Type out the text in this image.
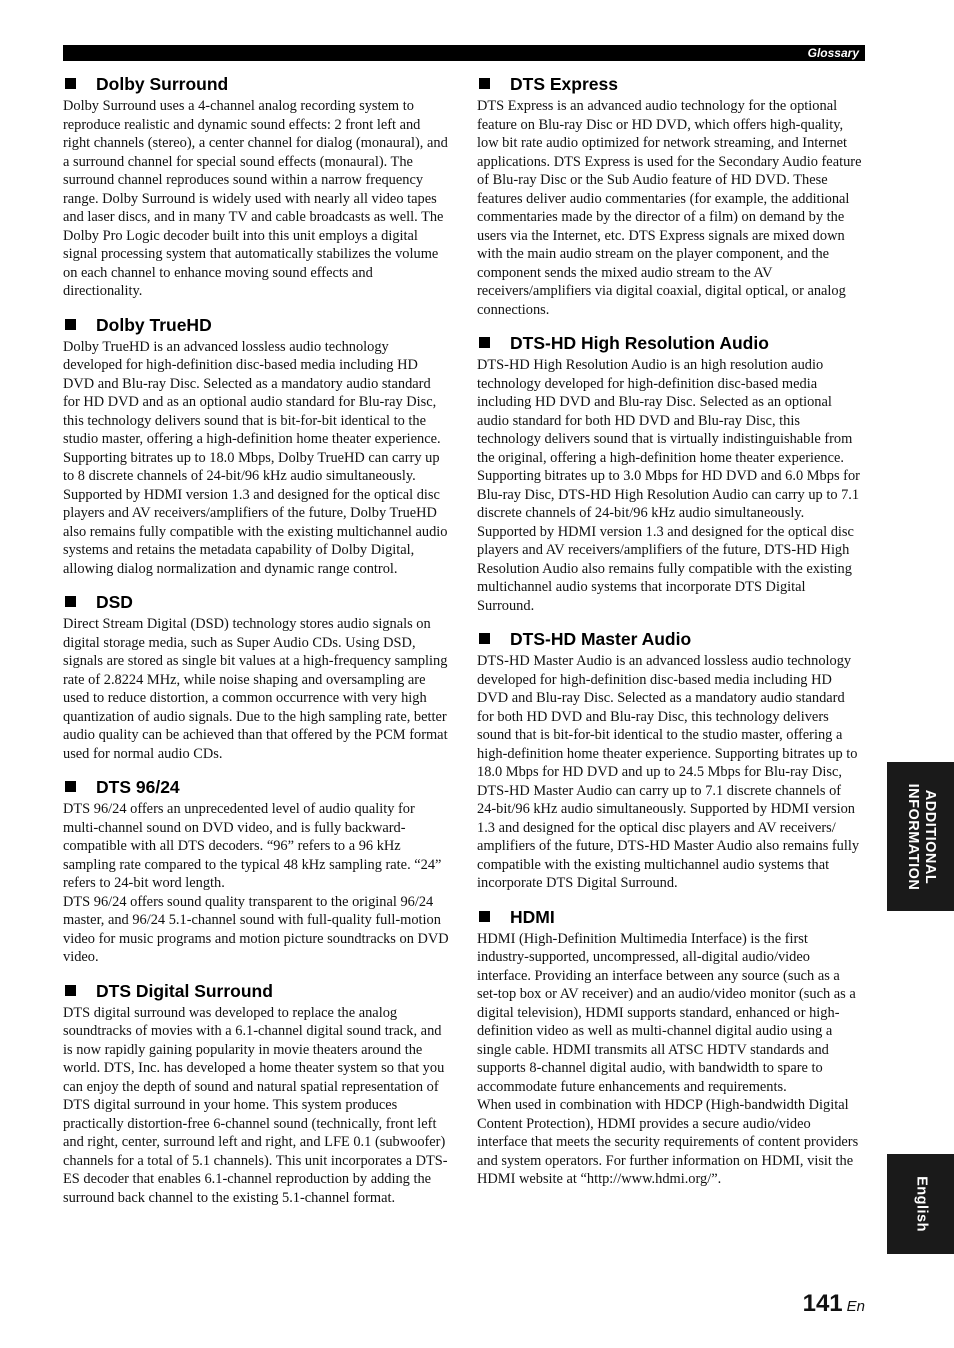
Glossary
Dolby Surround

Dolby Surround uses a 4-channel analog recording system to reproduce realistic and dynamic sound effects: 2 front left and right channels (stereo), a center channel for dialog (monaural), and a surround channel for special sound effects (monaural). The surround channel reproduces sound within a narrow frequency range. Dolby Surround is widely used with nearly all video tapes and laser discs, and in many TV and cable broadcasts as well. The Dolby Pro Logic decoder built into this unit employs a digital signal processing system that automatically stabilizes the volume on each channel to enhance moving sound effects and directionality.

Dolby TrueHD

Dolby TrueHD is an advanced lossless audio technology developed for high-definition disc-based media including HD DVD and Blu-ray Disc. Selected as a mandatory audio standard for HD DVD and as an optional audio standard for Blu-ray Disc, this technology delivers sound that is bit-for-bit identical to the studio master, offering a high-definition home theater experience. Supporting bitrates up to 18.0 Mbps, Dolby TrueHD can carry up to 8 discrete channels of 24-bit/96 kHz audio simultaneously. Supported by HDMI version 1.3 and designed for the optical disc players and AV receivers/amplifiers of the future, Dolby TrueHD also remains fully compatible with the existing multichannel audio systems and retains the metadata capability of Dolby Digital, allowing dialog normalization and dynamic range control.

DSD

Direct Stream Digital (DSD) technology stores audio signals on digital storage media, such as Super Audio CDs. Using DSD, signals are stored as single bit values at a high-frequency sampling rate of 2.8224 MHz, while noise shaping and oversampling are used to reduce distortion, a common occurrence with very high quantization of audio signals. Due to the high sampling rate, better audio quality can be achieved than that offered by the PCM format used for normal audio CDs.

DTS 96/24

DTS 96/24 offers an unprecedented level of audio quality for multi-channel sound on DVD video, and is fully backward-compatible with all DTS decoders. “96” refers to a 96 kHz sampling rate compared to the typical 48 kHz sampling rate. “24” refers to 24-bit word length.
DTS 96/24 offers sound quality transparent to the original 96/24 master, and 96/24 5.1-channel sound with full-quality full-motion video for music programs and motion picture soundtracks on DVD video.

DTS Digital Surround

DTS digital surround was developed to replace the analog soundtracks of movies with a 6.1-channel digital sound track, and is now rapidly gaining popularity in movie theaters around the world. DTS, Inc. has developed a home theater system so that you can enjoy the depth of sound and natural spatial representation of DTS digital surround in your home. This system produces practically distortion-free 6-channel sound (technically, front left and right, center, surround left and right, and LFE 0.1 (subwoofer) channels for a total of 5.1 channels). This unit incorporates a DTS-ES decoder that enables 6.1-channel reproduction by adding the surround back channel to the existing 5.1-channel format.

DTS Express

DTS Express is an advanced audio technology for the optional feature on Blu-ray Disc or HD DVD, which offers high-quality, low bit rate audio optimized for network streaming, and Internet applications. DTS Express is used for the Secondary Audio feature of Blu-ray Disc or the Sub Audio feature of HD DVD. These features deliver audio commentaries (for example, the additional commentaries made by the director of a film) on demand by the users via the Internet, etc. DTS Express signals are mixed down with the main audio stream on the player component, and the component sends the mixed audio stream to the AV receivers/amplifiers via digital coaxial, digital optical, or analog connections.

DTS-HD High Resolution Audio

DTS-HD High Resolution Audio is an high resolution audio technology developed for high-definition disc-based media including HD DVD and Blu-ray Disc. Selected as an optional audio standard for both HD DVD and Blu-ray Disc, this technology delivers sound that is virtually indistinguishable from the original, offering a high-definition home theater experience. Supporting bitrates up to 3.0 Mbps for HD DVD and 6.0 Mbps for Blu-ray Disc, DTS-HD High Resolution Audio can carry up to 7.1 discrete channels of 24-bit/96 kHz audio simultaneously. Supported by HDMI version 1.3 and designed for the optical disc players and AV receivers/amplifiers of the future, DTS-HD High Resolution Audio also remains fully compatible with the existing multichannel audio systems that incorporate DTS Digital Surround.

DTS-HD Master Audio

DTS-HD Master Audio is an advanced lossless audio technology developed for high-definition disc-based media including HD DVD and Blu-ray Disc. Selected as a mandatory audio standard for both HD DVD and Blu-ray Disc, this technology delivers sound that is bit-for-bit identical to the studio master, offering a high-definition home theater experience. Supporting bitrates up to 18.0 Mbps for HD DVD and up to 24.5 Mbps for Blu-ray Disc, DTS-HD Master Audio can carry up to 7.1 discrete channels of 24-bit/96 kHz audio simultaneously. Supported by HDMI version 1.3 and designed for the optical disc players and AV receivers/ amplifiers of the future, DTS-HD Master Audio also remains fully compatible with the existing multichannel audio systems that incorporate DTS Digital Surround.

HDMI

HDMI (High-Definition Multimedia Interface) is the first industry-supported, uncompressed, all-digital audio/video interface. Providing an interface between any source (such as a set-top box or AV receiver) and an audio/video monitor (such as a digital television), HDMI supports standard, enhanced or high-definition video as well as multi-channel digital audio using a single cable. HDMI transmits all ATSC HDTV standards and supports 8-channel digital audio, with bandwidth to spare to accommodate future enhancements and requirements.
When used in combination with HDCP (High-bandwidth Digital Content Protection), HDMI provides a secure audio/video interface that meets the security requirements of content providers and system operators. For further information on HDMI, visit the HDMI website at “http://www.hdmi.org/”.

ADDITIONAL
INFORMATION
English
141 En
